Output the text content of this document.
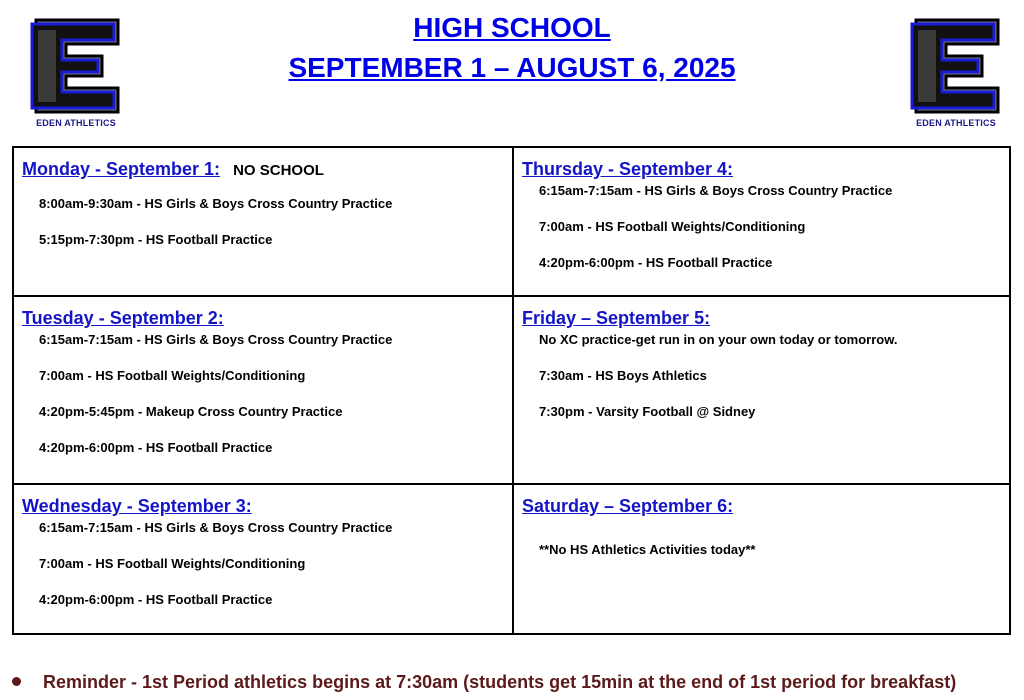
EDEN ATHLETICS	EDEN ATHLETICS

HIGH SCHOOL

SEPTEMBER 1 – AUGUST 6, 2025

Monday - September 1: NO SCHOOL
8:00am-9:30am - HS Girls & Boys Cross Country Practice
5:15pm-7:30pm - HS Football Practice
Thursday - September 4:
6:15am-7:15am - HS Girls & Boys Cross Country Practice
7:00am - HS Football Weights/Conditioning
4:20pm-6:00pm - HS Football Practice
Tuesday - September 2:
6:15am-7:15am - HS Girls & Boys Cross Country Practice
7:00am - HS Football Weights/Conditioning
4:20pm-5:45pm - Makeup Cross Country Practice
4:20pm-6:00pm - HS Football Practice
Friday – September 5:
No XC practice-get run in on your own today or tomorrow.
7:30am - HS Boys Athletics
7:30pm - Varsity Football @ Sidney
Wednesday - September 3:
6:15am-7:15am - HS Girls & Boys Cross Country Practice
7:00am - HS Football Weights/Conditioning
4:20pm-6:00pm - HS Football Practice
Saturday – September 6:
**No HS Athletics Activities today**
Reminder - 1st Period athletics begins at 7:30am (students get 15min at the end of 1st period for breakfast)
